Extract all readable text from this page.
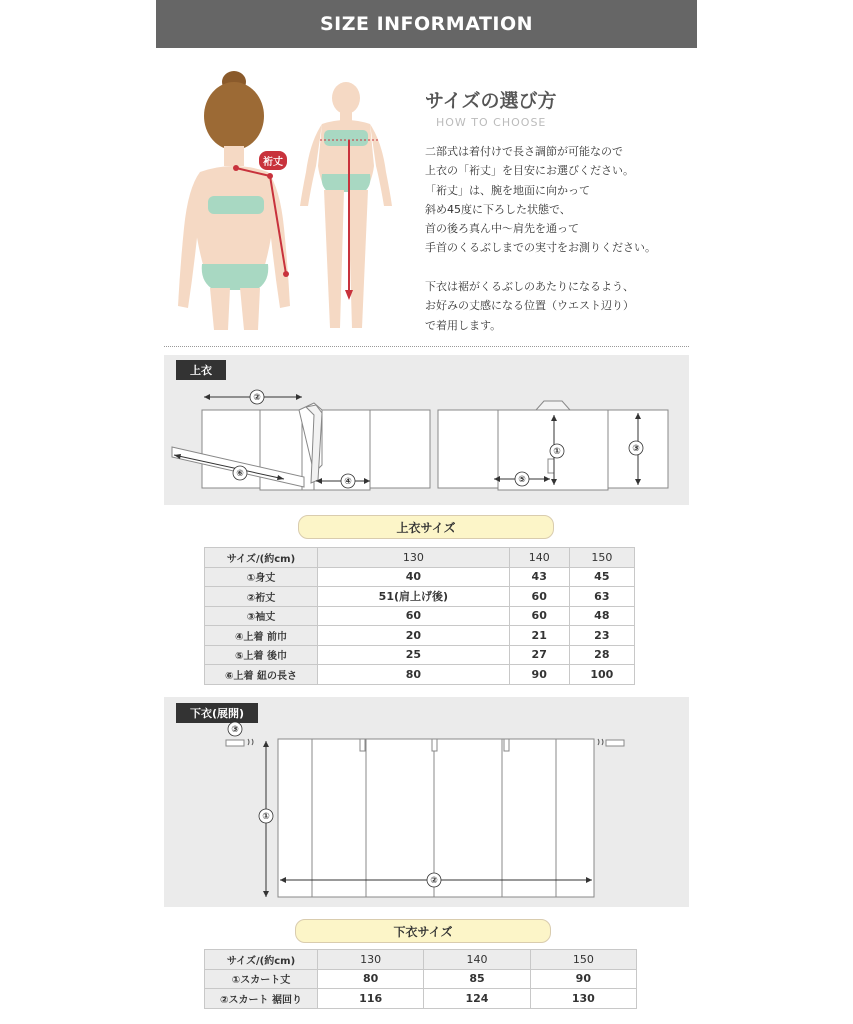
SIZE INFORMATION
裄丈
サイズの選び方
HOW TO CHOOSE

二部式は着付けで長さ調節が可能なので

上衣の「裄丈」を目安にお選びください。

「裄丈」は、腕を地面に向かって

斜め45度に下ろした状態で、

首の後ろ真ん中〜肩先を通って

手首のくるぶしまでの実寸をお測りください。

下衣は裾がくるぶしのあたりになるよう、

お好みの丈感になる位置（ウエスト辺り）

で着用します。

上衣
②
⑥
④	⑤
①	③
上衣サイズ
サイズ/(約cm)	130	140	150
①身丈	40	43	45
②裄丈	51(肩上げ後)	60	63
③袖丈	60	60	48
④上着 前巾	20	21	23
⑤上着 後巾	25	27	28
⑥上着 紐の長さ	80	90	100
下衣(展開)
③
①
②
下衣サイズ
サイズ/(約cm)	130	140	150
①スカート丈	80	85	90
②スカート 裾回り	116	124	130
